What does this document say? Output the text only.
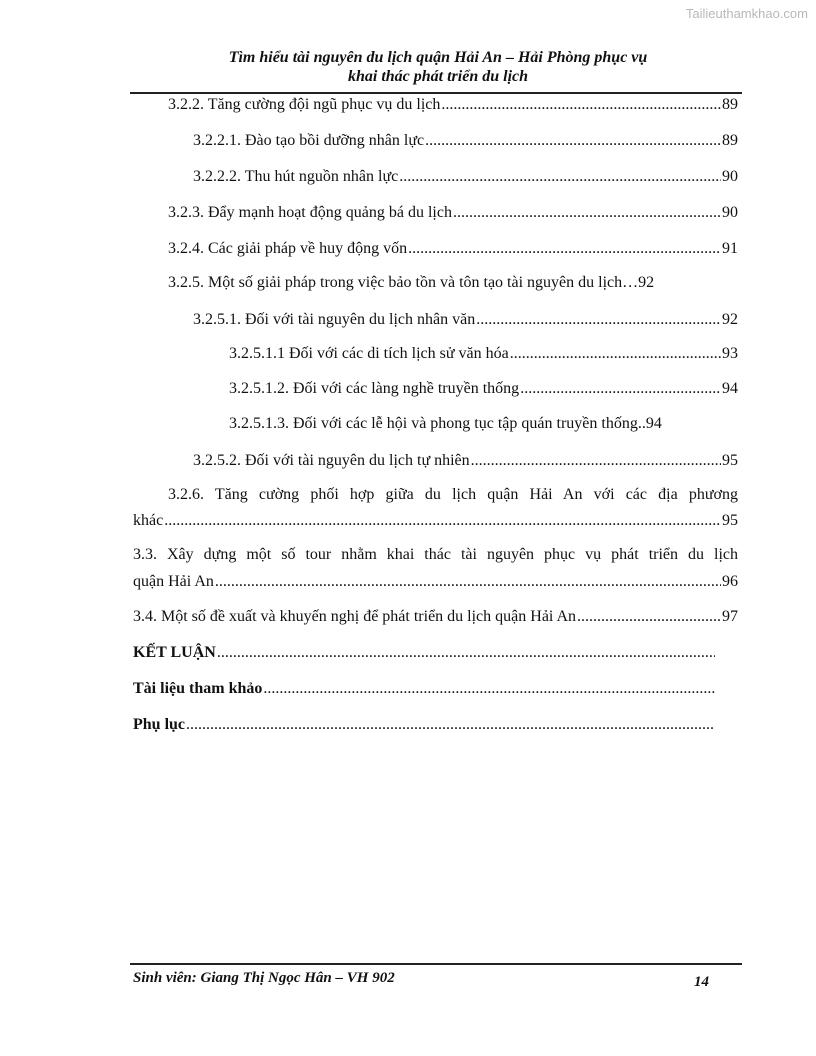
Tailieuthamkhao.com
Tìm hiểu tài nguyên du lịch quận Hải An – Hải Phòng phục vụ
khai thác phát triển du lịch
3.2.2. Tăng cường đội ngũ phục vụ du lịch .....	89
3.2.2.1. Đào tạo bồi dưỡng nhân lực .....	89
3.2.2.2. Thu hút nguồn nhân lực .....	90
3.2.3. Đẩy mạnh hoạt động quảng bá du lịch .....	90
3.2.4. Các giải pháp về huy động vốn .....	91
3.2.5. Một số giải pháp trong việc bảo tồn và tôn tạo tài nguyên du lịch…92
3.2.5.1. Đối với tài nguyên du lịch nhân văn .....	92
3.2.5.1.1 Đối với các di tích lịch sử văn hóa .....	93
3.2.5.1.2. Đối với các làng nghề truyền thống .....	94
3.2.5.1.3. Đối với các lễ hội và phong tục tập quán truyền thống..94
3.2.5.2. Đối với tài nguyên du lịch tự nhiên .....	95
3.2.6. Tăng cường phối hợp giữa du lịch quận Hải An với các địa phương
khác .....	95
3.3. Xây dựng một số tour nhằm khai thác tài nguyên phục vụ phát triển du lịch
quận Hải An .....	96
3.4. Một số đề xuất và khuyến nghị để phát triển du lịch quận Hải An .....	97
KẾT LUẬN
.....
Tài liệu tham khảo
.....
Phụ lục
.....
Sinh viên: Giang Thị Ngọc Hân – VH 902	14
